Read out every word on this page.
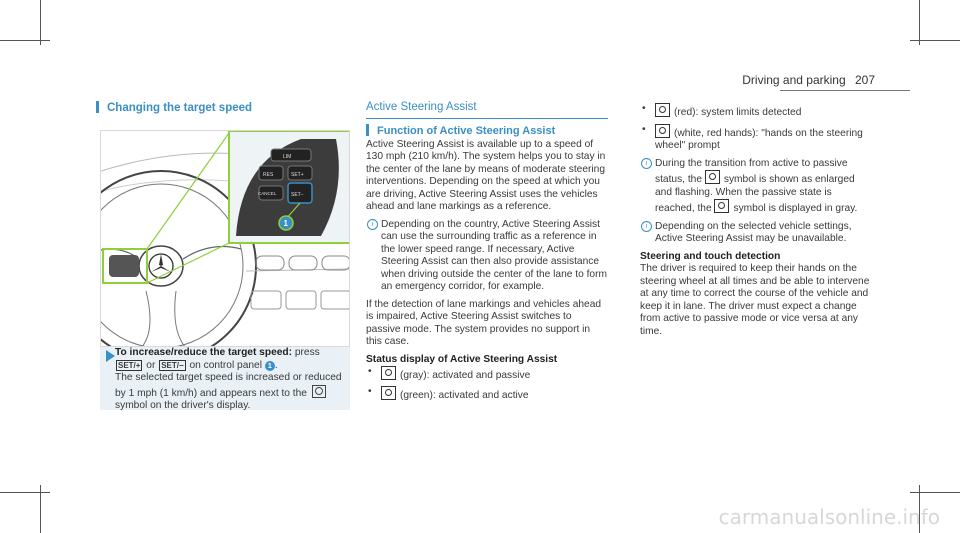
Driving and parking 207
Changing the target speed
RES	SET+
CANCEL	SET−
LIM
1

To increase/reduce the target speed: press SET/+ or SET/− on control panel 1 .
The selected target speed is increased or reduced by 1 mph (1 km/h) and appears next to the  symbol on the driver's display.

Active Steering Assist

Function of Active Steering Assist

Active Steering Assist is available up to a speed of 130 mph (210 km/h). The system helps you to stay in the center of the lane by means of moderate steering interventions. Depending on the speed at which you are driving, Active Steering Assist uses the vehicles ahead and lane markings as a reference.

i Depending on the country, Active Steering Assist can use the surrounding traffic as a reference in the lower speed range. If necessary, Active Steering Assist can then also provide assistance when driving outside the center of the lane to form an emergency corridor, for example.

If the detection of lane markings and vehicles ahead is impaired, Active Steering Assist switches to passive mode. The system provides no support in this case.

Status display of Active Steering Assist

• (gray): activated and passive

• (green): activated and active

• (red): system limits detected

• (white, red hands): "hands on the steering wheel" prompt

i During the transition from active to passive status, the symbol is shown as enlarged and flashing. When the passive state is reached, the symbol is displayed in gray.

i Depending on the selected vehicle settings, Active Steering Assist may be unavailable.

Steering and touch detection

The driver is required to keep their hands on the steering wheel at all times and be able to intervene at any time to correct the course of the vehicle and keep it in lane. The driver must expect a change from active to passive mode or vice versa at any time.

carmanualsonline.info
